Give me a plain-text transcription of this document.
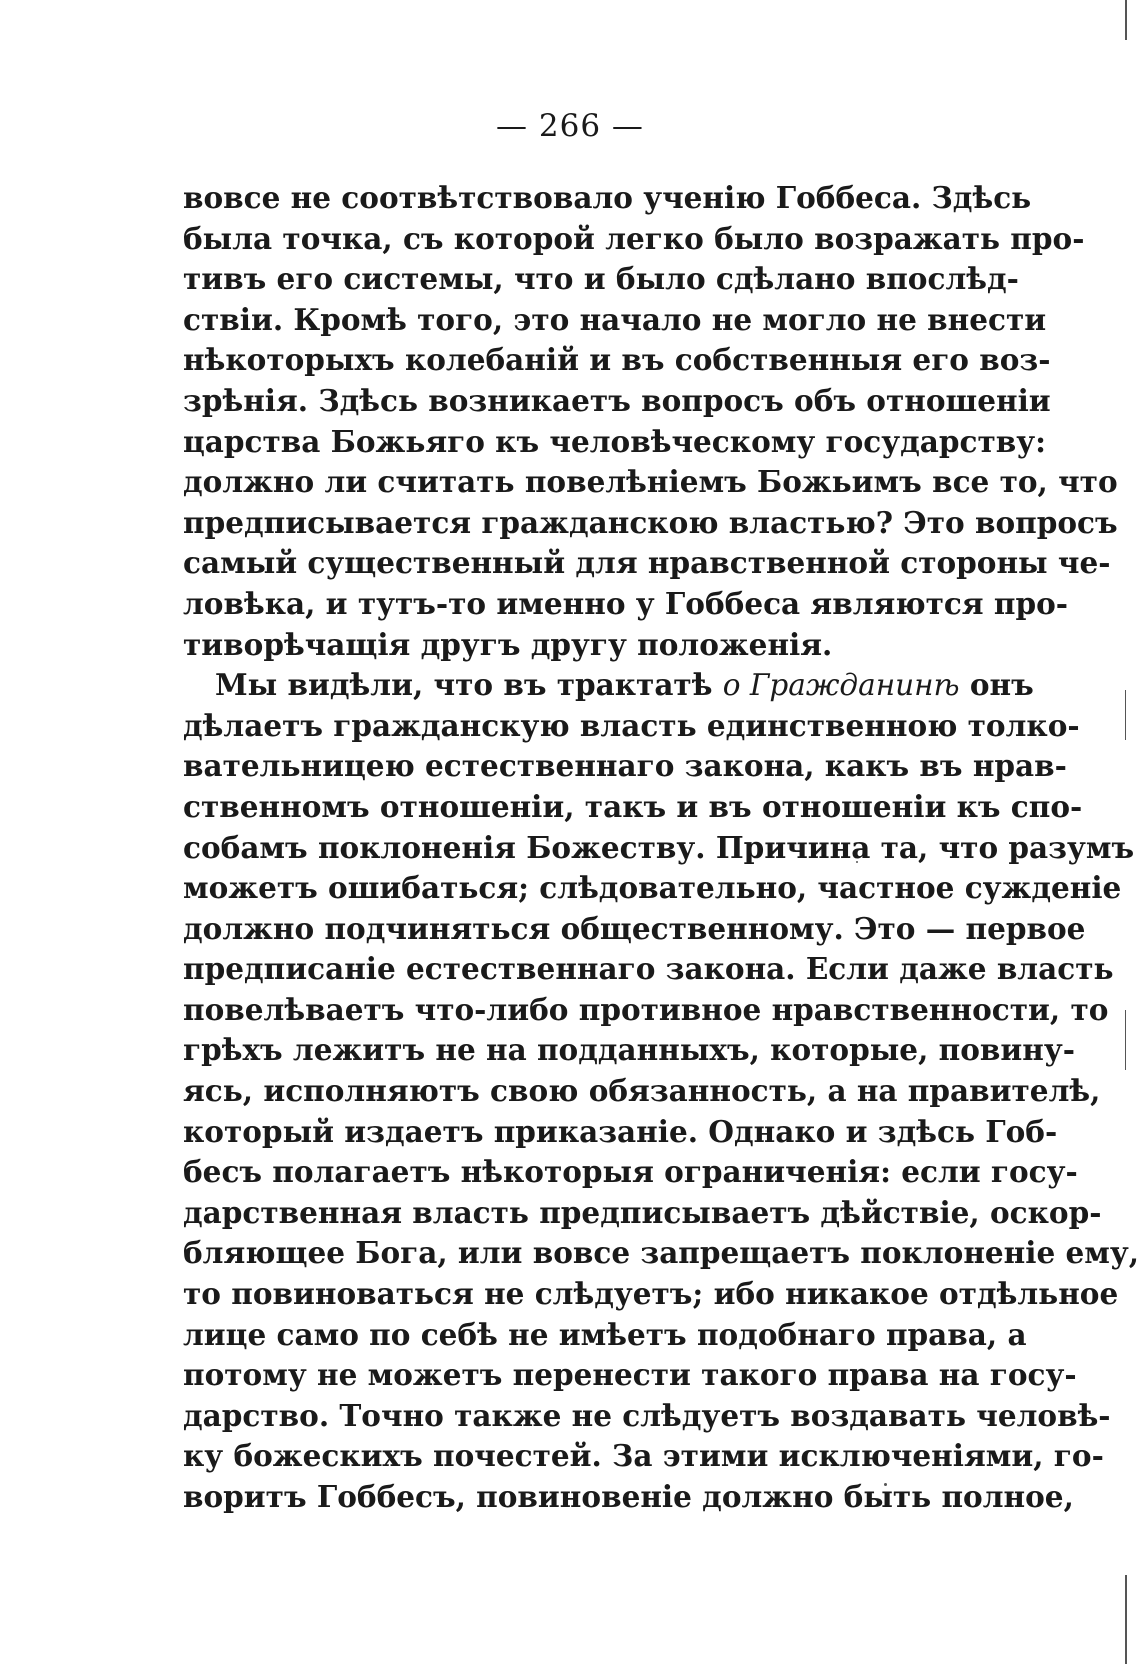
— 266 —
вовсе не соотвѣтствовало ученію Гоббеса. Здѣсь
была точка, съ которой легко было возражать про-
тивъ его системы, что и было сдѣлано впослѣд-
ствіи. Кромѣ того, это начало не могло не внести
нѣкоторыхъ колебаній и въ собственныя его воз-
зрѣнія. Здѣсь возникаетъ вопросъ объ отношеніи
царства Божьяго къ человѣческому государству:
должно ли считать повелѣніемъ Божьимъ все то, что
предписывается гражданскою властью? Это вопросъ
самый существенный для нравственной стороны че-
ловѣка, и тутъ-то именно у Гоббеса являются про-
тиворѣчащія другъ другу положенія.
Мы видѣли, что въ трактатѣ о Гражданинѣ онъ
дѣлаетъ гражданскую власть единственною толко-
вательницею естественнаго закона, какъ въ нрав-
ственномъ отношеніи, такъ и въ отношеніи къ спо-
собамъ поклоненія Божеству. Причина та, что разумъ
можетъ ошибаться; слѣдовательно, частное сужденіе
должно подчиняться общественному. Это — первое
предписаніе естественнаго закона. Если даже власть
повелѣваетъ что-либо противное нравственности, то
грѣхъ лежитъ не на подданныхъ, которые, повину-
ясь, исполняютъ свою обязанность, а на правителѣ,
который издаетъ приказаніе. Однако и здѣсь Гоб-
бесъ полагаетъ нѣкоторыя ограниченія: если госу-
дарственная власть предписываетъ дѣйствіе, оскор-
бляющее Бога, или вовсе запрещаетъ поклоненіе ему,
то повиноваться не слѣдуетъ; ибо никакое отдѣльное
лице само по себѣ не имѣетъ подобнаго права, а
потому не можетъ перенести такого права на госу-
дарство. Точно также не слѣдуетъ воздавать человѣ-
ку божескихъ почестей. За этими исключеніями, го-
воритъ Гоббесъ, повиновеніе должно быть полное,
